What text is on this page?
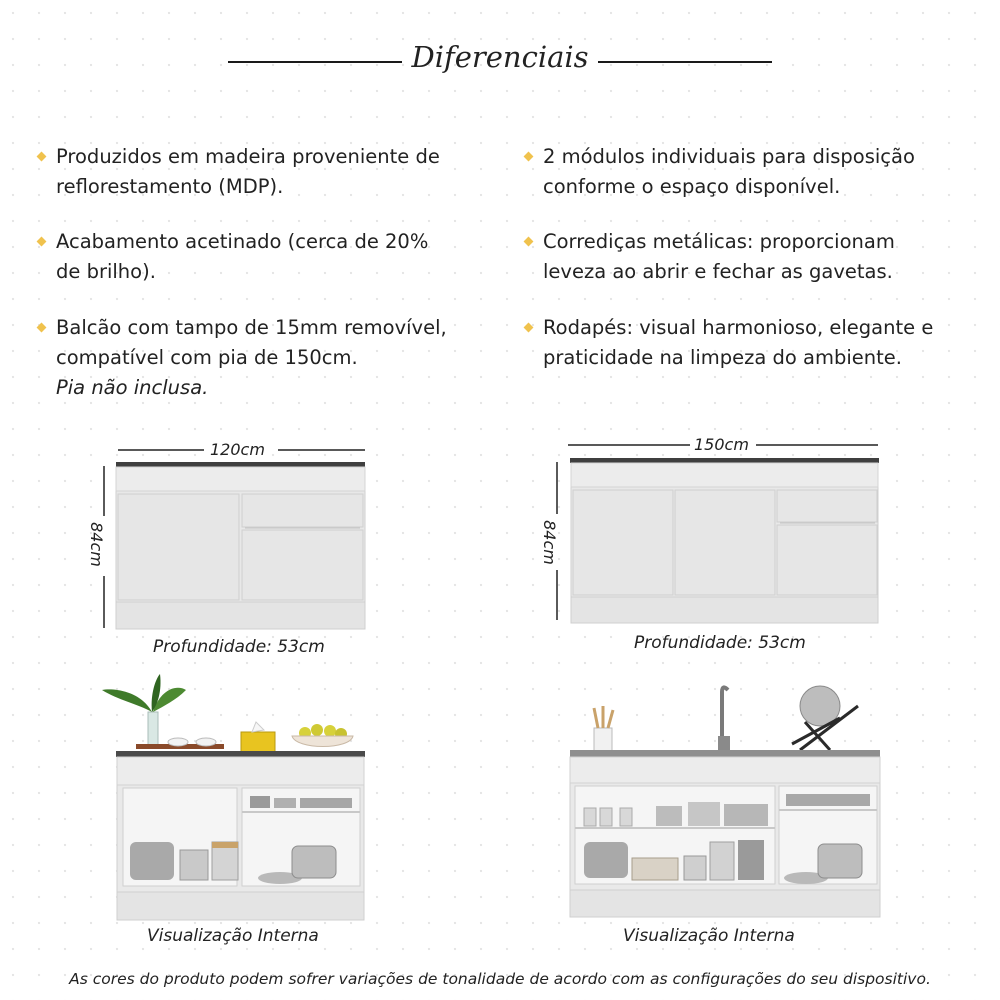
Diferenciais
Produzidos em madeira proveniente de
reflorestamento (MDP).
Acabamento acetinado (cerca de 20%
de brilho).
Balcão com tampo de 15mm removível,
compatível com pia de 150cm.
Pia não inclusa.
2 módulos individuais para disposição
conforme o espaço disponível.
Corrediças metálicas: proporcionam
leveza ao abrir e fechar as gavetas.
Rodapés: visual harmonioso, elegante e
praticidade na limpeza do ambiente.
120cm
84cm
Profundidade: 53cm
150cm
84cm
Profundidade: 53cm
Visualização Interna	Visualização Interna
As cores do produto podem sofrer variações de tonalidade de acordo com as configurações do seu dispositivo.
